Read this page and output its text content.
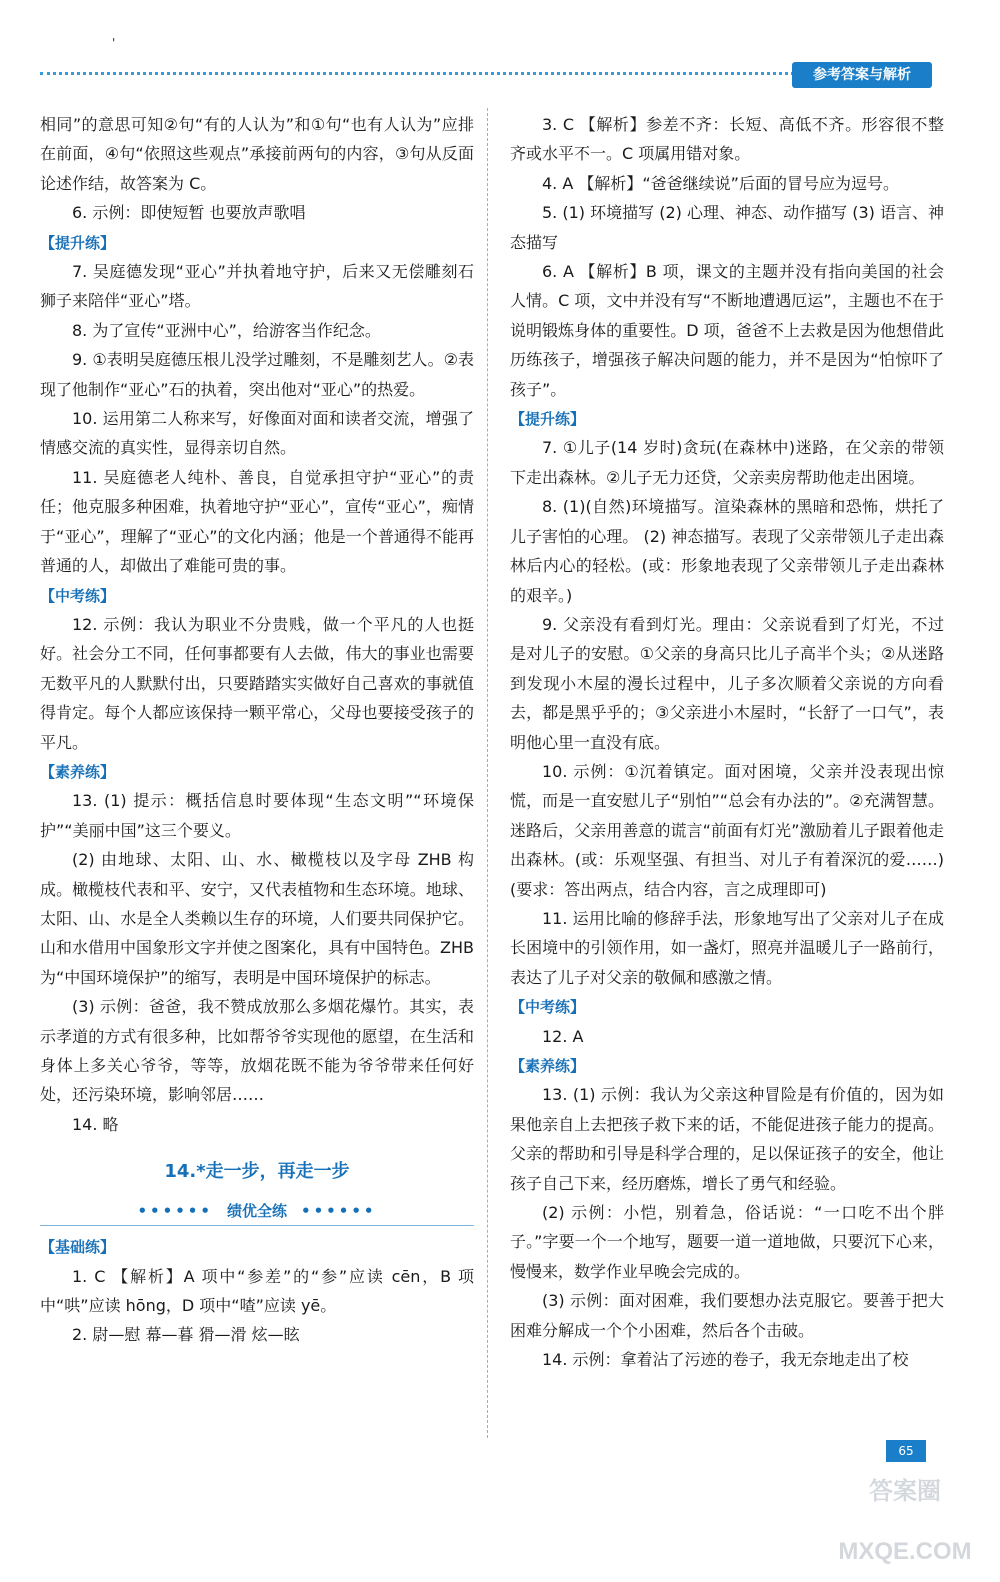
'
参考答案与解析

相同”的意思可知②句“有的人认为”和①句“也有人认为”应排在前面，④句“依照这些观点”承接前两句的内容，③句从反面论述作结，故答案为 C。

6. 示例：即使短暂 也要放声歌唱

【提升练】

7. 吴庭德发现“亚心”并执着地守护，后来又无偿雕刻石狮子来陪伴“亚心”塔。

8. 为了宣传“亚洲中心”，给游客当作纪念。

9. ①表明吴庭德压根儿没学过雕刻，不是雕刻艺人。②表现了他制作“亚心”石的执着，突出他对“亚心”的热爱。

10. 运用第二人称来写，好像面对面和读者交流，增强了情感交流的真实性，显得亲切自然。

11. 吴庭德老人纯朴、善良，自觉承担守护“亚心”的责任；他克服多种困难，执着地守护“亚心”，宣传“亚心”，痴情于“亚心”，理解了“亚心”的文化内涵；他是一个普通得不能再普通的人，却做出了难能可贵的事。

【中考练】

12. 示例：我认为职业不分贵贱，做一个平凡的人也挺好。社会分工不同，任何事都要有人去做，伟大的事业也需要无数平凡的人默默付出，只要踏踏实实做好自己喜欢的事就值得肯定。每个人都应该保持一颗平常心，父母也要接受孩子的平凡。

【素养练】

13. (1) 提示：概括信息时要体现“生态文明”“环境保护”“美丽中国”这三个要义。

(2) 由地球、太阳、山、水、橄榄枝以及字母 ZHB 构成。橄榄枝代表和平、安宁，又代表植物和生态环境。地球、太阳、山、水是全人类赖以生存的环境，人们要共同保护它。山和水借用中国象形文字并使之图案化，具有中国特色。ZHB 为“中国环境保护”的缩写，表明是中国环境保护的标志。

(3) 示例：爸爸，我不赞成放那么多烟花爆竹。其实，表示孝道的方式有很多种，比如帮爷爷实现他的愿望，在生活和身体上多关心爷爷，等等，放烟花既不能为爷爷带来任何好处，还污染环境，影响邻居……

14. 略

14.*走一步，再走一步
•••••• 绩优全练 ••••••
【基础练】

1. C 【解析】A 项中“参差”的“参”应读 cēn，B 项中“哄”应读 hōng，D 项中“喳”应读 yē。

2. 尉—慰 幕—暮 猾—滑 炫—眩

3. C 【解析】参差不齐：长短、高低不齐。形容很不整齐或水平不一。C 项属用错对象。

4. A 【解析】“爸爸继续说”后面的冒号应为逗号。

5. (1) 环境描写 (2) 心理、神态、动作描写 (3) 语言、神态描写

6. A 【解析】B 项，课文的主题并没有指向美国的社会人情。C 项，文中并没有写“不断地遭遇厄运”，主题也不在于说明锻炼身体的重要性。D 项，爸爸不上去救是因为他想借此历练孩子，增强孩子解决问题的能力，并不是因为“怕惊吓了孩子”。

【提升练】

7. ①儿子(14 岁时)贪玩(在森林中)迷路，在父亲的带领下走出森林。②儿子无力还贷，父亲卖房帮助他走出困境。

8. (1)(自然)环境描写。渲染森林的黑暗和恐怖，烘托了儿子害怕的心理。 (2) 神态描写。表现了父亲带领儿子走出森林后内心的轻松。(或：形象地表现了父亲带领儿子走出森林的艰辛。)

9. 父亲没有看到灯光。理由：父亲说看到了灯光，不过是对儿子的安慰。①父亲的身高只比儿子高半个头；②从迷路到发现小木屋的漫长过程中，儿子多次顺着父亲说的方向看去，都是黑乎乎的；③父亲进小木屋时，“长舒了一口气”，表明他心里一直没有底。

10. 示例：①沉着镇定。面对困境，父亲并没表现出惊慌，而是一直安慰儿子“别怕”“总会有办法的”。②充满智慧。迷路后，父亲用善意的谎言“前面有灯光”激励着儿子跟着他走出森林。(或：乐观坚强、有担当、对儿子有着深沉的爱……)(要求：答出两点，结合内容，言之成理即可)

11. 运用比喻的修辞手法，形象地写出了父亲对儿子在成长困境中的引领作用，如一盏灯，照亮并温暖儿子一路前行，表达了儿子对父亲的敬佩和感激之情。

【中考练】

12. A

【素养练】

13. (1) 示例：我认为父亲这种冒险是有价值的，因为如果他亲自上去把孩子救下来的话，不能促进孩子能力的提高。父亲的帮助和引导是科学合理的，足以保证孩子的安全，他让孩子自己下来，经历磨炼，增长了勇气和经验。

(2) 示例：小恺，别着急，俗话说：“一口吃不出个胖子。”字要一个一个地写，题要一道一道地做，只要沉下心来，慢慢来，数学作业早晚会完成的。

(3) 示例：面对困难，我们要想办法克服它。要善于把大困难分解成一个个小困难，然后各个击破。

14. 示例：拿着沾了污迹的卷子，我无奈地走出了校

65
答案圈 MXQE.COM
